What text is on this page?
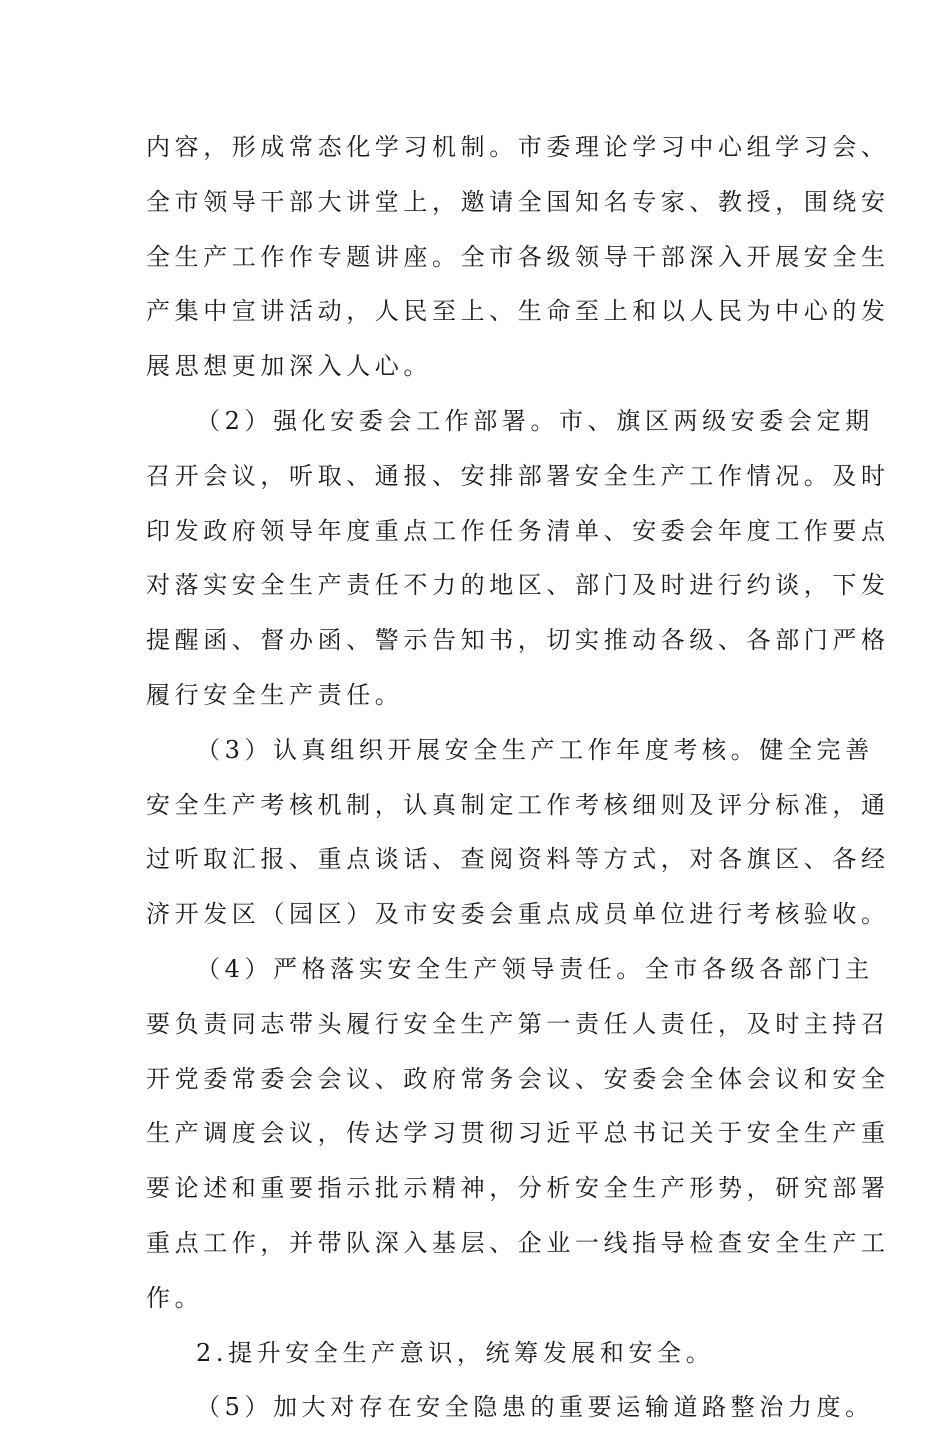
内容，形成常态化学习机制。市委理论学习中心组学习会、
全市领导干部大讲堂上，邀请全国知名专家、教授，围绕安
全生产工作作专题讲座。全市各级领导干部深入开展安全生
产集中宣讲活动，人民至上、生命至上和以人民为中心的发
展思想更加深入人心。
（2）强化安委会工作部署。市、旗区两级安委会定期
召开会议，听取、通报、安排部署安全生产工作情况。及时
印发政府领导年度重点工作任务清单、安委会年度工作要点
对落实安全生产责任不力的地区、部门及时进行约谈，下发
提醒函、督办函、警示告知书，切实推动各级、各部门严格
履行安全生产责任。
（3）认真组织开展安全生产工作年度考核。健全完善
安全生产考核机制，认真制定工作考核细则及评分标准，通
过听取汇报、重点谈话、查阅资料等方式，对各旗区、各经
济开发区（园区）及市安委会重点成员单位进行考核验收。
（4）严格落实安全生产领导责任。全市各级各部门主
要负责同志带头履行安全生产第一责任人责任，及时主持召
开党委常委会会议、政府常务会议、安委会全体会议和安全
生产调度会议，传达学习贯彻习近平总书记关于安全生产重
要论述和重要指示批示精神，分析安全生产形势，研究部署
重点工作，并带队深入基层、企业一线指导检查安全生产工
作。
2.提升安全生产意识，统筹发展和安全。
（5）加大对存在安全隐患的重要运输道路整治力度。
